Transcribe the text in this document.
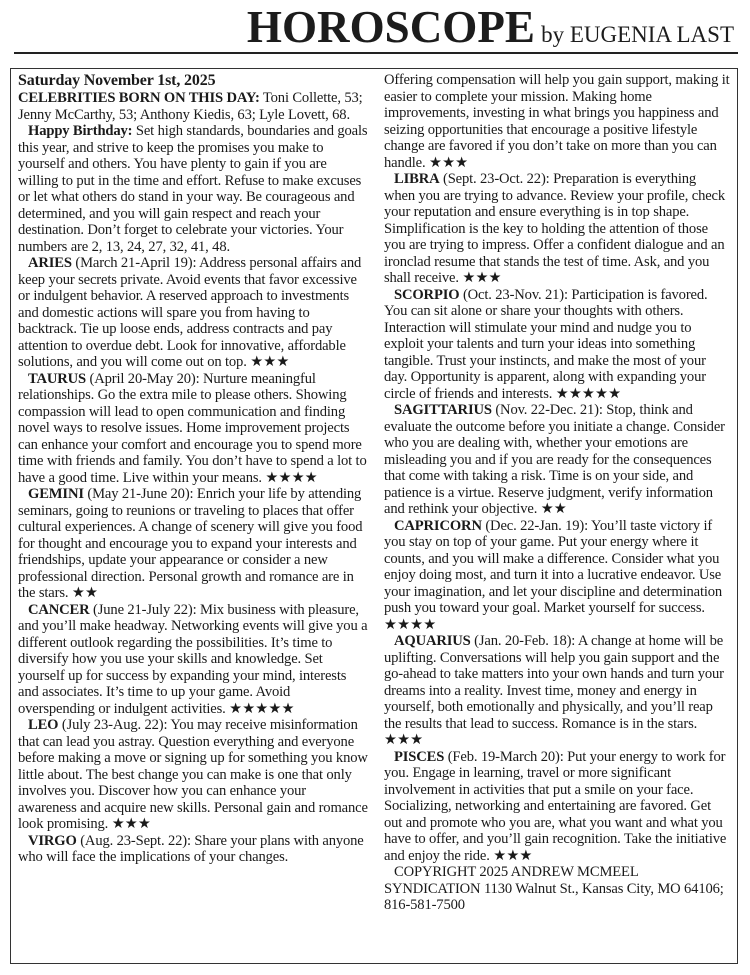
HOROSCOPE by EUGENIA LAST

Saturday November 1st, 2025

CELEBRITIES BORN ON THIS DAY: Toni Collette, 53; Jenny McCarthy, 53; Anthony Kiedis, 63; Lyle Lovett, 68.

Happy Birthday: Set high standards, boundaries and goals this year, and strive to keep the promises you make to yourself and others. You have plenty to gain if you are willing to put in the time and effort. Refuse to make excuses or let what others do stand in your way. Be courageous and determined, and you will gain respect and reach your destination. Don’t forget to celebrate your victories. Your numbers are 2, 13, 24, 27, 32, 41, 48.

ARIES (March 21-April 19): Address personal affairs and keep your secrets private. Avoid events that favor excessive or indulgent behavior. A reserved approach to investments and domestic actions will spare you from having to backtrack. Tie up loose ends, address contracts and pay attention to overdue debt. Look for innovative, affordable solutions, and you will come out on top. ★★★

TAURUS (April 20-May 20): Nurture meaningful relationships. Go the extra mile to please others. Showing compassion will lead to open communication and finding novel ways to resolve issues. Home improvement projects can enhance your comfort and encourage you to spend more time with friends and family. You don’t have to spend a lot to have a good time. Live within your means. ★★★★

GEMINI (May 21-June 20): Enrich your life by attending seminars, going to reunions or traveling to places that offer cultural experiences. A change of scenery will give you food for thought and encourage you to expand your interests and friendships, update your appearance or consider a new professional direction. Personal growth and romance are in the stars. ★★

CANCER (June 21-July 22): Mix business with pleasure, and you’ll make headway. Networking events will give you a different outlook regarding the possibilities. It’s time to diversify how you use your skills and knowledge. Set yourself up for success by expanding your mind, interests and associates. It’s time to up your game. Avoid overspending or indulgent activities. ★★★★★

LEO (July 23-Aug. 22): You may receive misinformation that can lead you astray. Question everything and everyone before making a move or signing up for something you know little about. The best change you can make is one that only involves you. Discover how you can enhance your awareness and acquire new skills. Personal gain and romance look promising. ★★★

VIRGO (Aug. 23-Sept. 22): Share your plans with anyone who will face the implications of your changes.

Offering compensation will help you gain support, making it easier to complete your mission. Making home improvements, investing in what brings you happiness and seizing opportunities that encourage a positive lifestyle change are favored if you don’t take on more than you can handle. ★★★

LIBRA (Sept. 23-Oct. 22): Preparation is everything when you are trying to advance. Review your profile, check your reputation and ensure everything is in top shape. Simplification is the key to holding the attention of those you are trying to impress. Offer a confident dialogue and an ironclad resume that stands the test of time. Ask, and you shall receive. ★★★

SCORPIO (Oct. 23-Nov. 21): Participation is favored. You can sit alone or share your thoughts with others. Interaction will stimulate your mind and nudge you to exploit your talents and turn your ideas into something tangible. Trust your instincts, and make the most of your day. Opportunity is apparent, along with expanding your circle of friends and interests. ★★★★★

SAGITTARIUS (Nov. 22-Dec. 21): Stop, think and evaluate the outcome before you initiate a change. Consider who you are dealing with, whether your emotions are misleading you and if you are ready for the consequences that come with taking a risk. Time is on your side, and patience is a virtue. Reserve judgment, verify information and rethink your objective. ★★

CAPRICORN (Dec. 22-Jan. 19): You’ll taste victory if you stay on top of your game. Put your energy where it counts, and you will make a difference. Consider what you enjoy doing most, and turn it into a lucrative endeavor. Use your imagination, and let your discipline and determination push you toward your goal. Market yourself for success. ★★★★

AQUARIUS (Jan. 20-Feb. 18): A change at home will be uplifting. Conversations will help you gain support and the go-ahead to take matters into your own hands and turn your dreams into a reality. Invest time, money and energy in yourself, both emotionally and physically, and you’ll reap the results that lead to success. Romance is in the stars. ★★★

PISCES (Feb. 19-March 20): Put your energy to work for you. Engage in learning, travel or more significant involvement in activities that put a smile on your face. Socializing, networking and entertaining are favored. Get out and promote who you are, what you want and what you have to offer, and you’ll gain recognition. Take the initiative and enjoy the ride. ★★★

COPYRIGHT 2025 ANDREW MCMEEL SYNDICATION 1130 Walnut St., Kansas City, MO 64106; 816-581-7500
